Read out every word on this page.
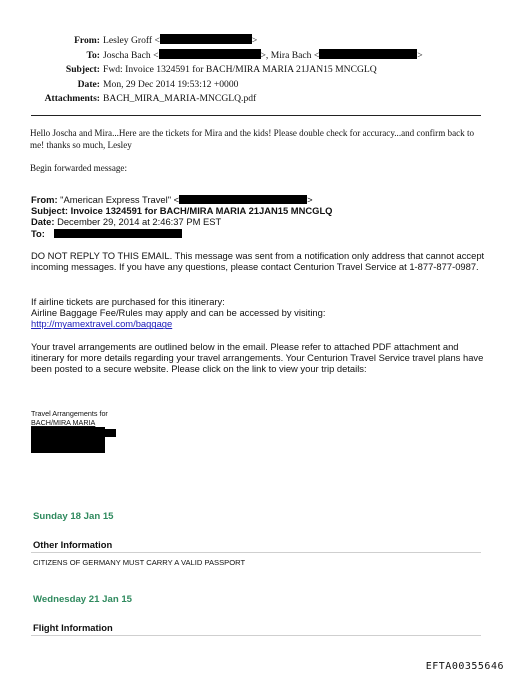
From: Lesley Groff <	>
To: Joscha Bach <	>, Mira Bach <	>
Subject: Fwd: Invoice 1324591 for BACH/MIRA MARIA 21JAN15 MNCGLQ
Date: Mon, 29 Dec 2014 19:53:12 +0000
Attachments: BACH_MIRA_MARIA-MNCGLQ.pdf
Hello Joscha and Mira...Here are the tickets for Mira and the kids! Please double check for accuracy...and confirm back to me! thanks so much, Lesley
Begin forwarded message:
From: "American Express Travel" <	>
Subject: Invoice 1324591 for BACH/MIRA MARIA 21JAN15 MNCGLQ
Date: December 29, 2014 at 2:46:37 PM EST
To:
DO NOT REPLY TO THIS EMAIL. This message was sent from a notification only address that cannot accept incoming messages. If you have any questions, please contact Centurion Travel Service at 1-877-877-0987.
If airline tickets are purchased for this itinerary:
Airline Baggage Fee/Rules may apply and can be accessed by visiting:
http://myamextravel.com/baggage
Your travel arrangements are outlined below in the email. Please refer to attached PDF attachment and itinerary for more details regarding your travel arrangements. Your Centurion Travel Service travel plans have been posted to a secure website. Please click on the link to view your trip details:
Travel Arrangements for
BACH/MIRA MARIA
Sunday 18 Jan 15
Other Information
CITIZENS OF GERMANY MUST CARRY A VALID PASSPORT
Wednesday 21 Jan 15
Flight Information
EFTA00355646
